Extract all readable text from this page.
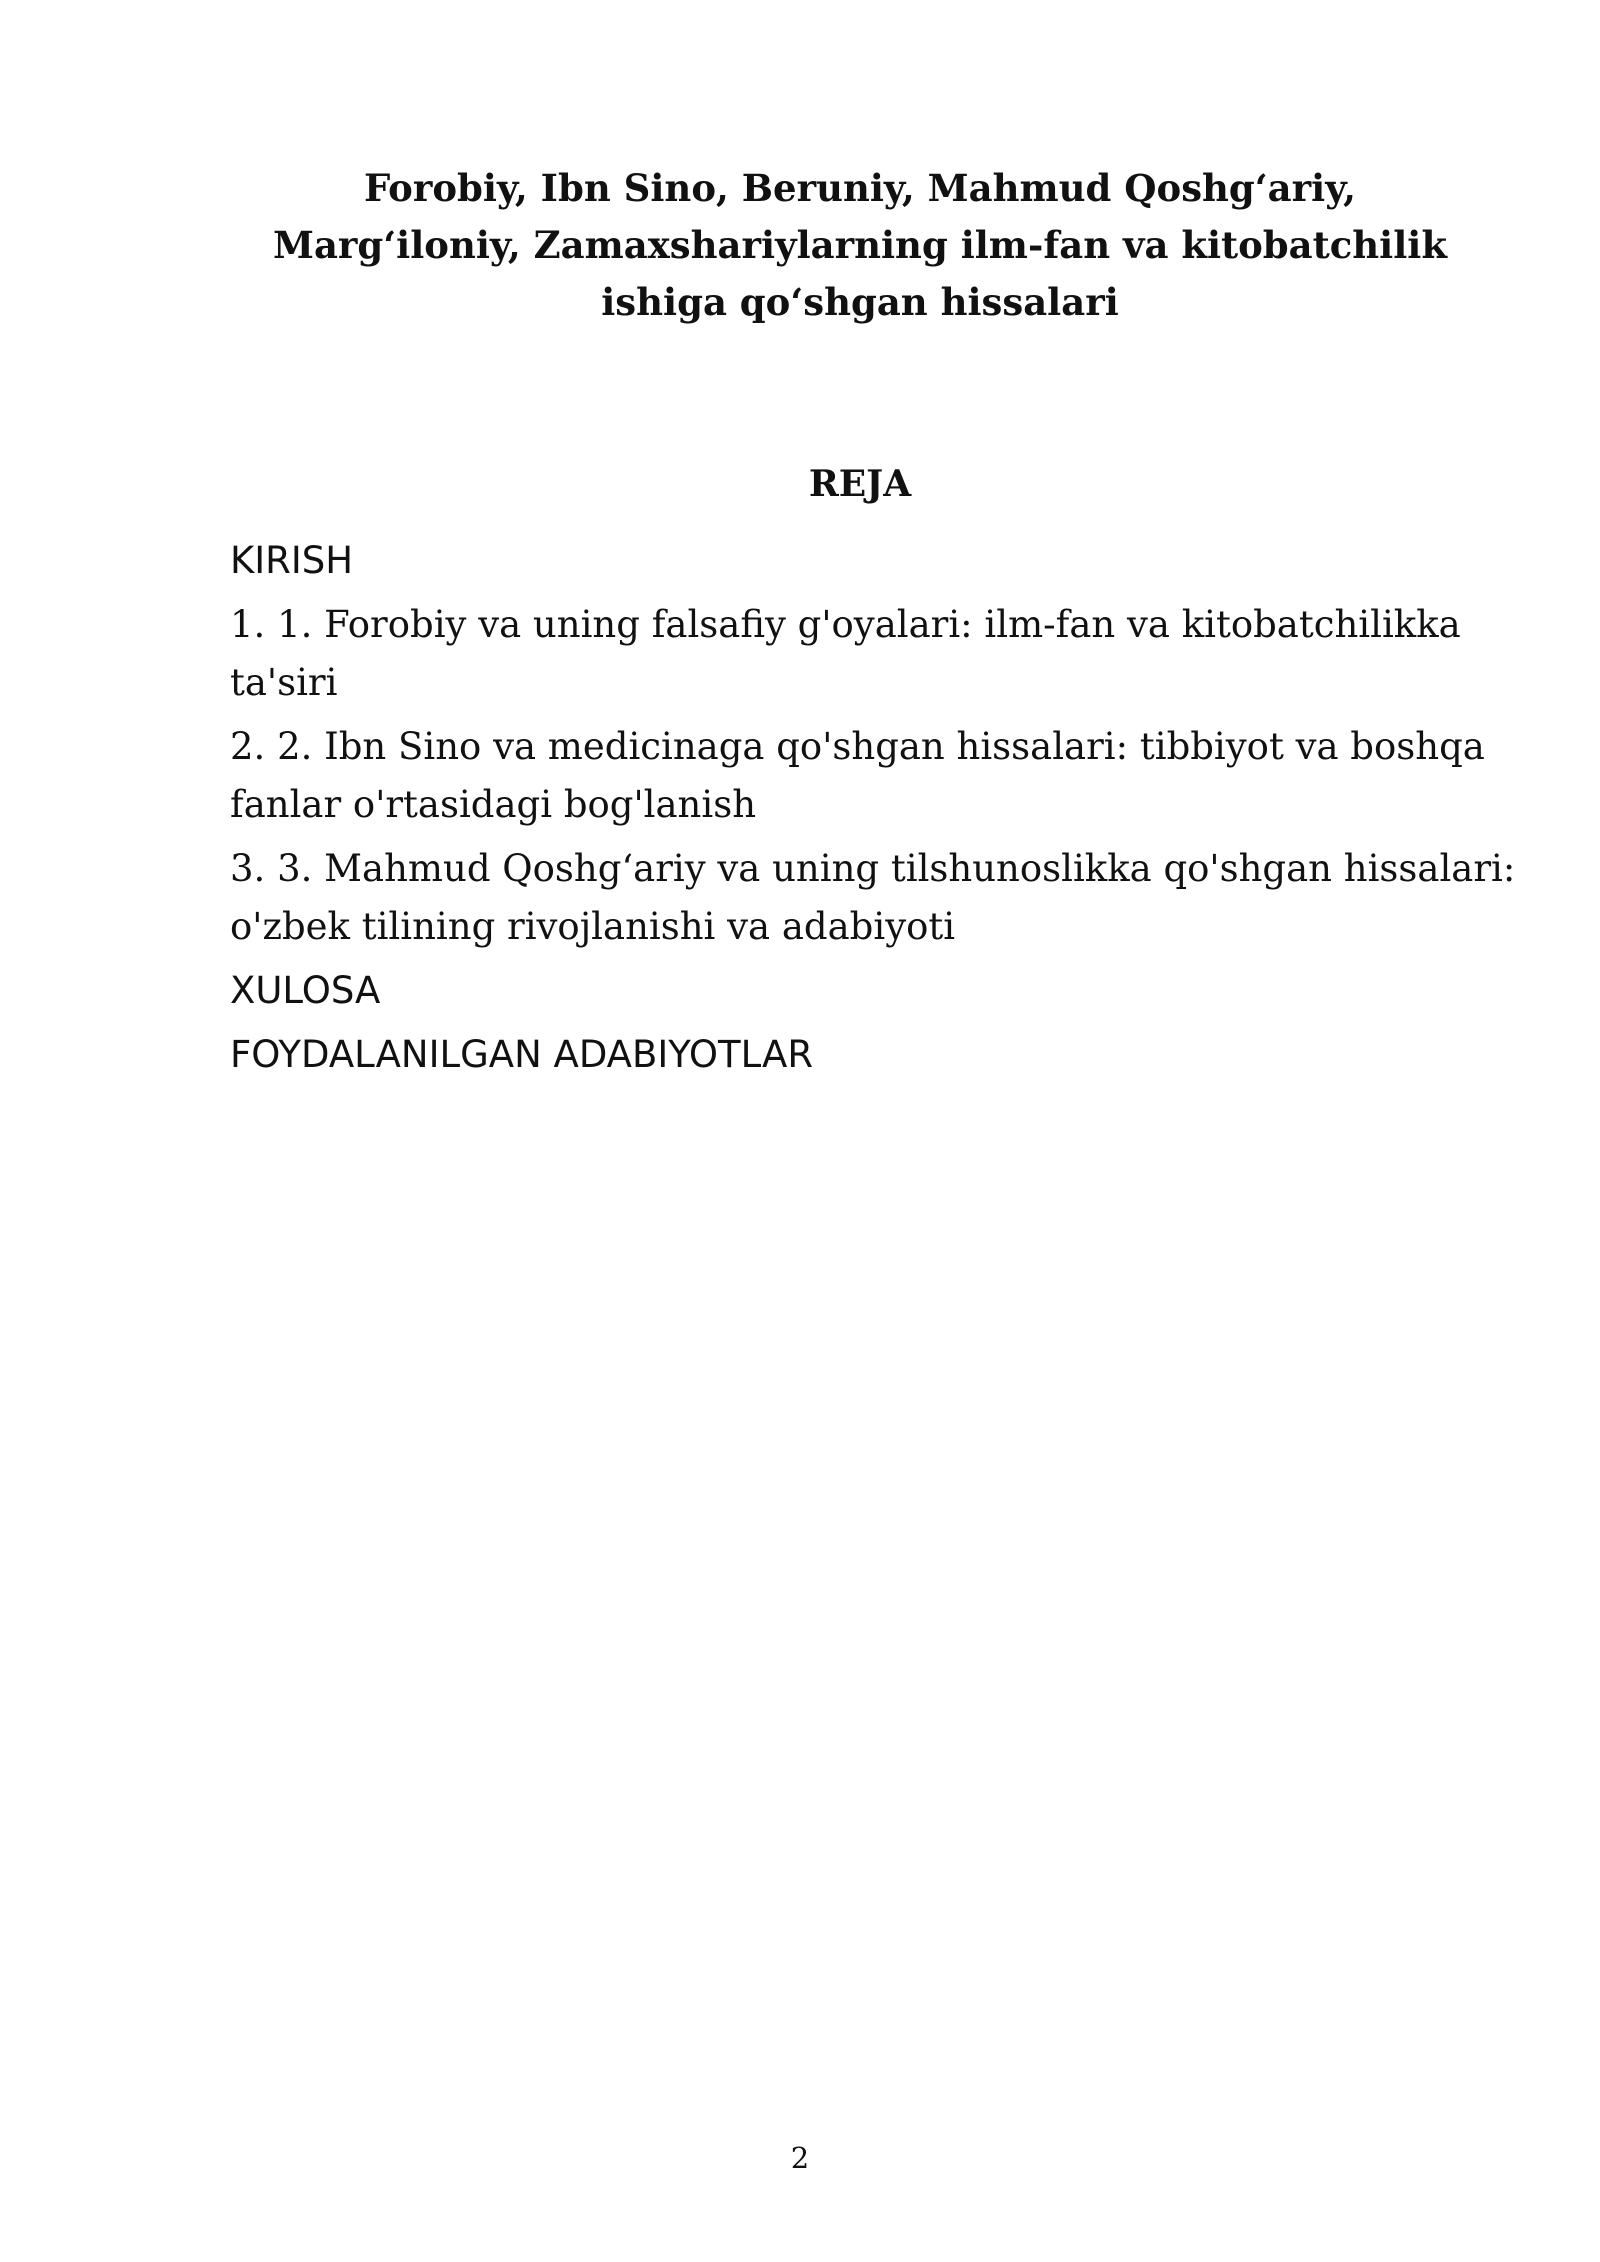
Forobiy, Ibn Sino, Beruniy, Mahmud Qoshg‘ariy,
Marg‘iloniy, Zamaxshariylarning ilm-fan va kitobatchilik
ishiga qo‘shgan hissalari
REJA
KIRISH
1. 1. Forobiy va uning falsafiy g'oyalari: ilm-fan va kitobatchilikka ta'siri
2. 2. Ibn Sino va medicinaga qo'shgan hissalari: tibbiyot va boshqa fanlar o'rtasidagi bog'lanish
3. 3. Mahmud Qoshg‘ariy va uning tilshunoslikka qo'shgan hissalari: o'zbek tilining rivojlanishi va adabiyoti
XULOSA
FOYDALANILGAN ADABIYOTLAR
2
